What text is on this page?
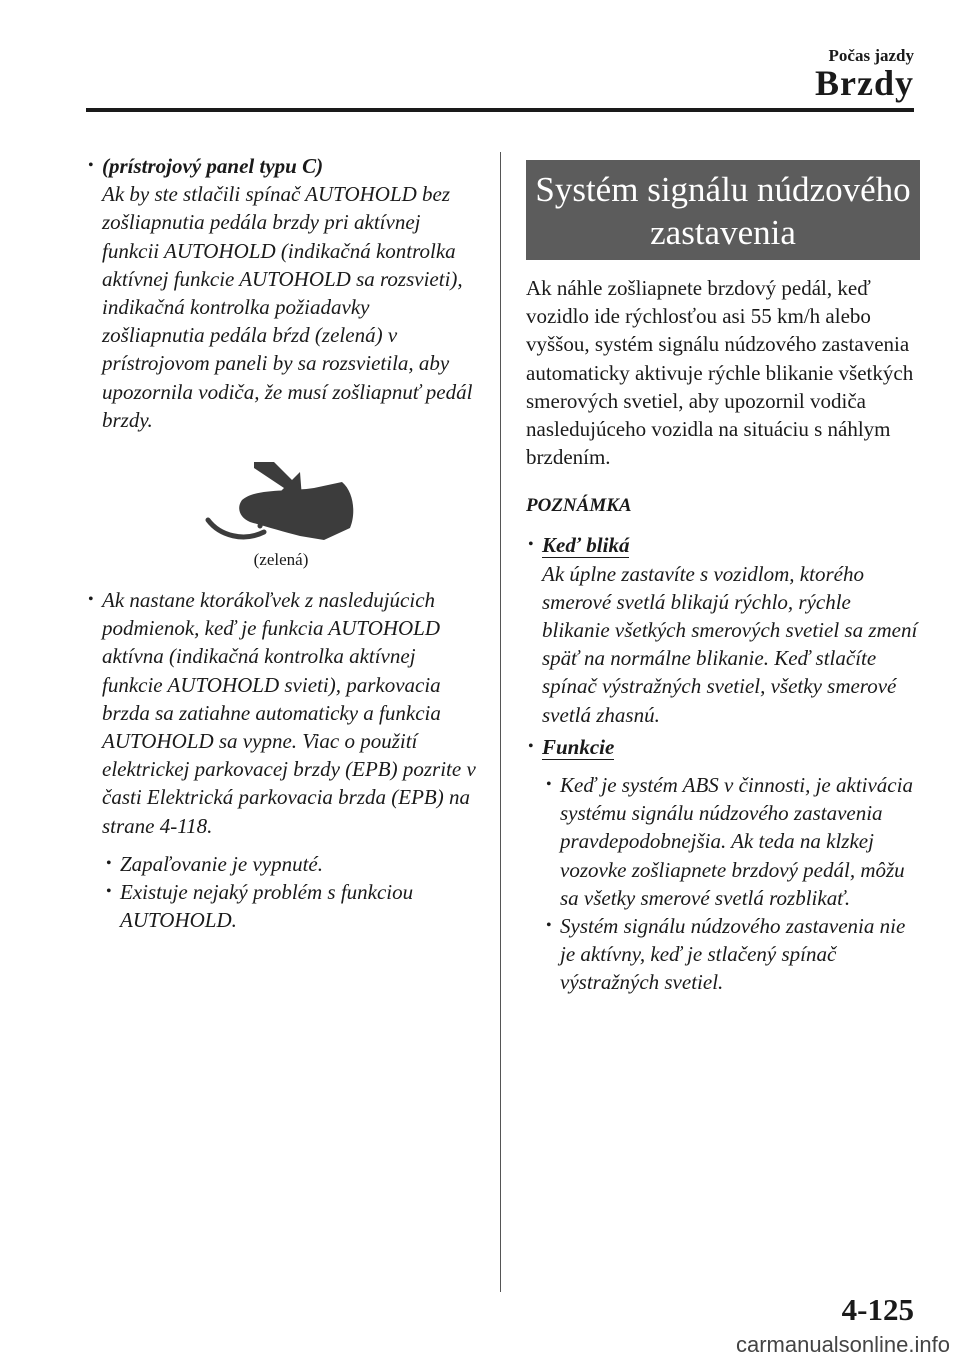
Počas jazdy
Brzdy
• (prístrojový panel typu C)
Ak by ste stlačili spínač AUTOHOLD bez zošliapnutia pedála brzdy pri aktívnej funkcii AUTOHOLD (indikačná kontrolka aktívnej funkcie AUTOHOLD sa rozsvieti), indikačná kontrolka požiadavky zošliapnutia pedála bŕzd (zelená) v prístrojovom paneli by sa rozsvietila, aby upozornila vodiča, že musí zošliapnuť pedál brzdy.
(zelená)
• Ak nastane ktorákoľvek z nasledujúcich podmienok, keď je funkcia AUTOHOLD aktívna (indikačná kontrolka aktívnej funkcie AUTOHOLD svieti), parkovacia brzda sa zatiahne automaticky a funkcia AUTOHOLD sa vypne. Viac o použití elektrickej parkovacej brzdy (EPB) pozrite v časti Elektrická parkovacia brzda (EPB) na strane 4-118.
• Zapaľovanie je vypnuté.
• Existuje nejaký problém s funkciou AUTOHOLD.
Systém signálu núdzového zastavenia

Ak náhle zošliapnete brzdový pedál, keď vozidlo ide rýchlosťou asi 55 km/h alebo vyššou, systém signálu núdzového zastavenia automaticky aktivuje rýchle blikanie všetkých smerových svetiel, aby upozornil vodiča nasledujúceho vozidla na situáciu s náhlym brzdením.

POZNÁMKA
• Keď bliká
Ak úplne zastavíte s vozidlom, ktorého smerové svetlá blikajú rýchlo, rýchle blikanie všetkých smerových svetiel sa zmení späť na normálne blikanie. Keď stlačíte spínač výstražných svetiel, všetky smerové svetlá zhasnú.
• Funkcie
• Keď je systém ABS v činnosti, je aktivácia systému signálu núdzového zastavenia pravdepodobnejšia. Ak teda na klzkej vozovke zošliapnete brzdový pedál, môžu sa všetky smerové svetlá rozblikať.
• Systém signálu núdzového zastavenia nie je aktívny, keď je stlačený spínač výstražných svetiel.
4-125
carmanualsonline.info
